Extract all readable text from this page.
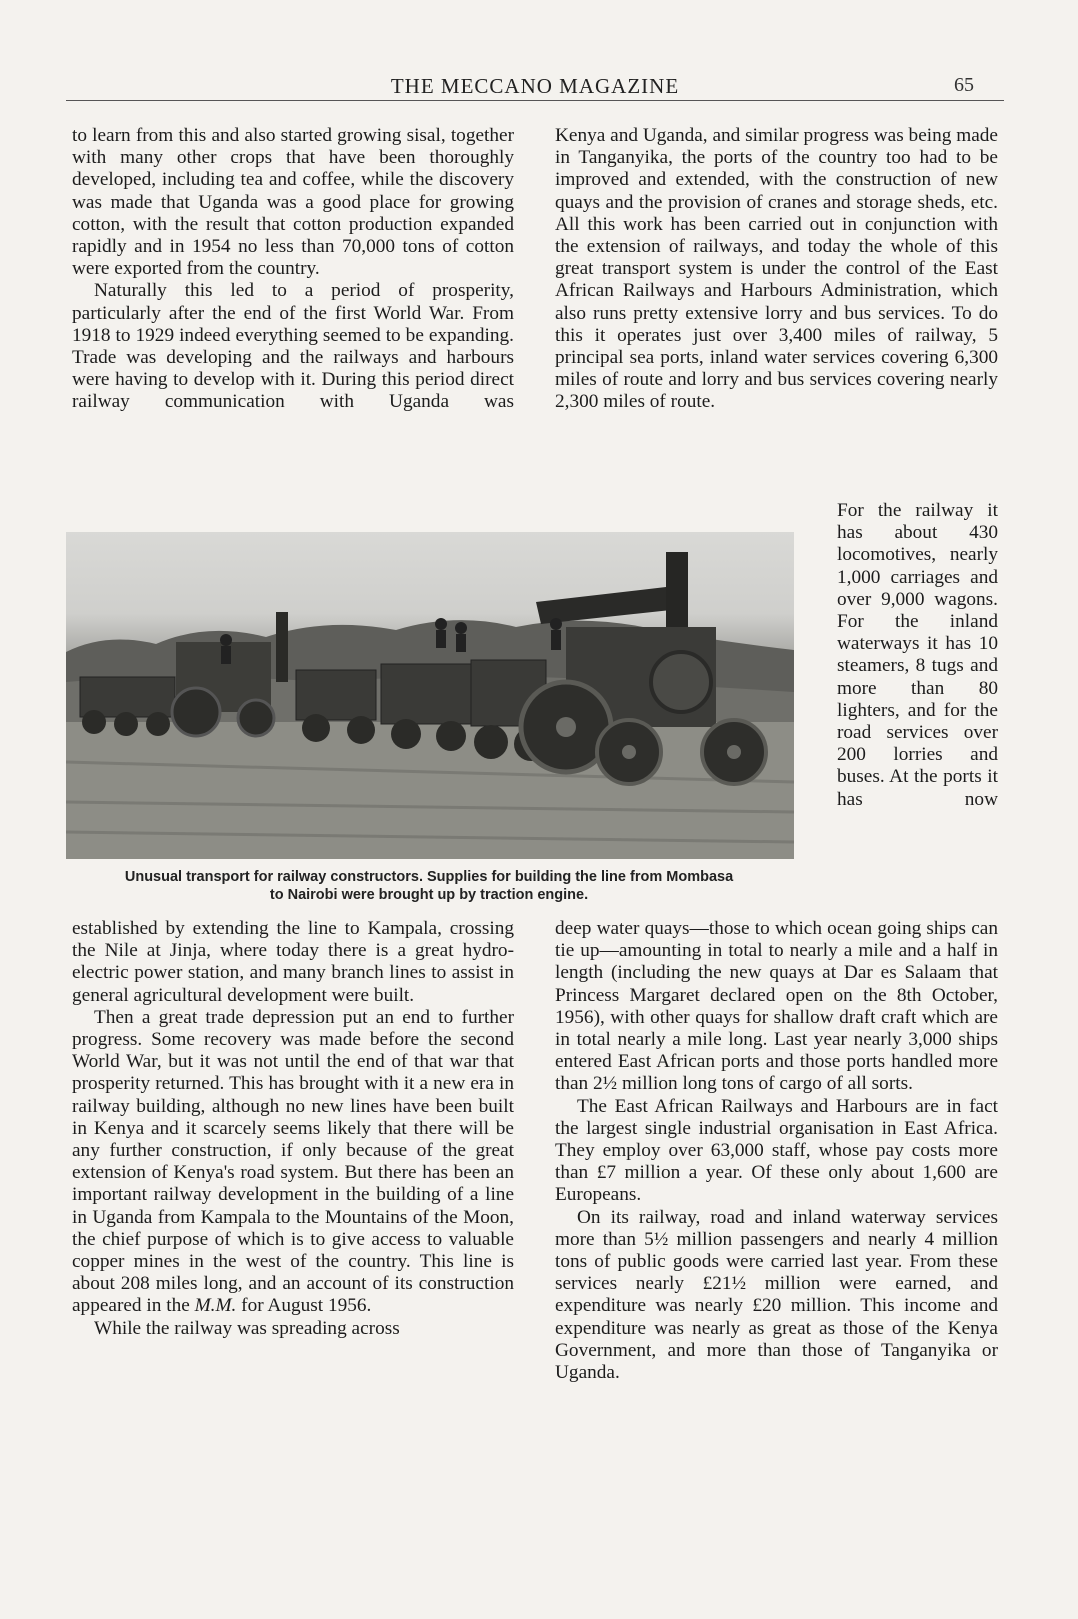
THE MECCANO MAGAZINE	65

to learn from this and also started growing sisal, together with many other crops that have been thoroughly developed, including tea and coffee, while the discovery was made that Uganda was a good place for growing cotton, with the result that cotton production expanded rapidly and in 1954 no less than 70,000 tons of cotton were exported from the country.

Naturally this led to a period of prosperity, particularly after the end of the first World War. From 1918 to 1929 indeed everything seemed to be expanding. Trade was developing and the railways and harbours were having to develop with it. During this period direct railway communication with Uganda was

Kenya and Uganda, and similar progress was being made in Tanganyika, the ports of the country too had to be improved and extended, with the construction of new quays and the provision of cranes and storage sheds, etc. All this work has been carried out in conjunction with the extension of railways, and today the whole of this great transport system is under the control of the East African Railways and Harbours Administration, which also runs pretty extensive lorry and bus services. To do this it operates just over 3,400 miles of railway, 5 principal sea ports, inland water services covering 6,300 miles of route and lorry and bus services covering nearly 2,300 miles of route.

For the railway it has about 430 locomotives, nearly 1,000 carriages and over 9,000 wagons. For the inland waterways it has 10 steamers, 8 tugs and more than 80 lighters, and for the road services over 200 lorries and buses. At the ports it has now

Unusual transport for railway constructors. Supplies for building the line from Mombasa
to Nairobi were brought up by traction engine.

established by extending the line to Kampala, crossing the Nile at Jinja, where today there is a great hydro-electric power station, and many branch lines to assist in general agricultural development were built.

Then a great trade depression put an end to further progress. Some recovery was made before the second World War, but it was not until the end of that war that prosperity returned. This has brought with it a new era in railway building, although no new lines have been built in Kenya and it scarcely seems likely that there will be any further construction, if only because of the great extension of Kenya's road system. But there has been an important railway development in the building of a line in Uganda from Kampala to the Mountains of the Moon, the chief purpose of which is to give access to valuable copper mines in the west of the country. This line is about 208 miles long, and an account of its construction appeared in the M.M. for August 1956.

While the railway was spreading across

deep water quays—those to which ocean going ships can tie up—amounting in total to nearly a mile and a half in length (including the new quays at Dar es Salaam that Princess Margaret declared open on the 8th October, 1956), with other quays for shallow draft craft which are in total nearly a mile long. Last year nearly 3,000 ships entered East African ports and those ports handled more than 2½ million long tons of cargo of all sorts.

The East African Railways and Harbours are in fact the largest single industrial organisation in East Africa. They employ over 63,000 staff, whose pay costs more than £7 million a year. Of these only about 1,600 are Europeans.

On its railway, road and inland waterway services more than 5½ million passengers and nearly 4 million tons of public goods were carried last year. From these services nearly £21½ million were earned, and expenditure was nearly £20 million. This income and expenditure was nearly as great as those of the Kenya Government, and more than those of Tanganyika or Uganda.
